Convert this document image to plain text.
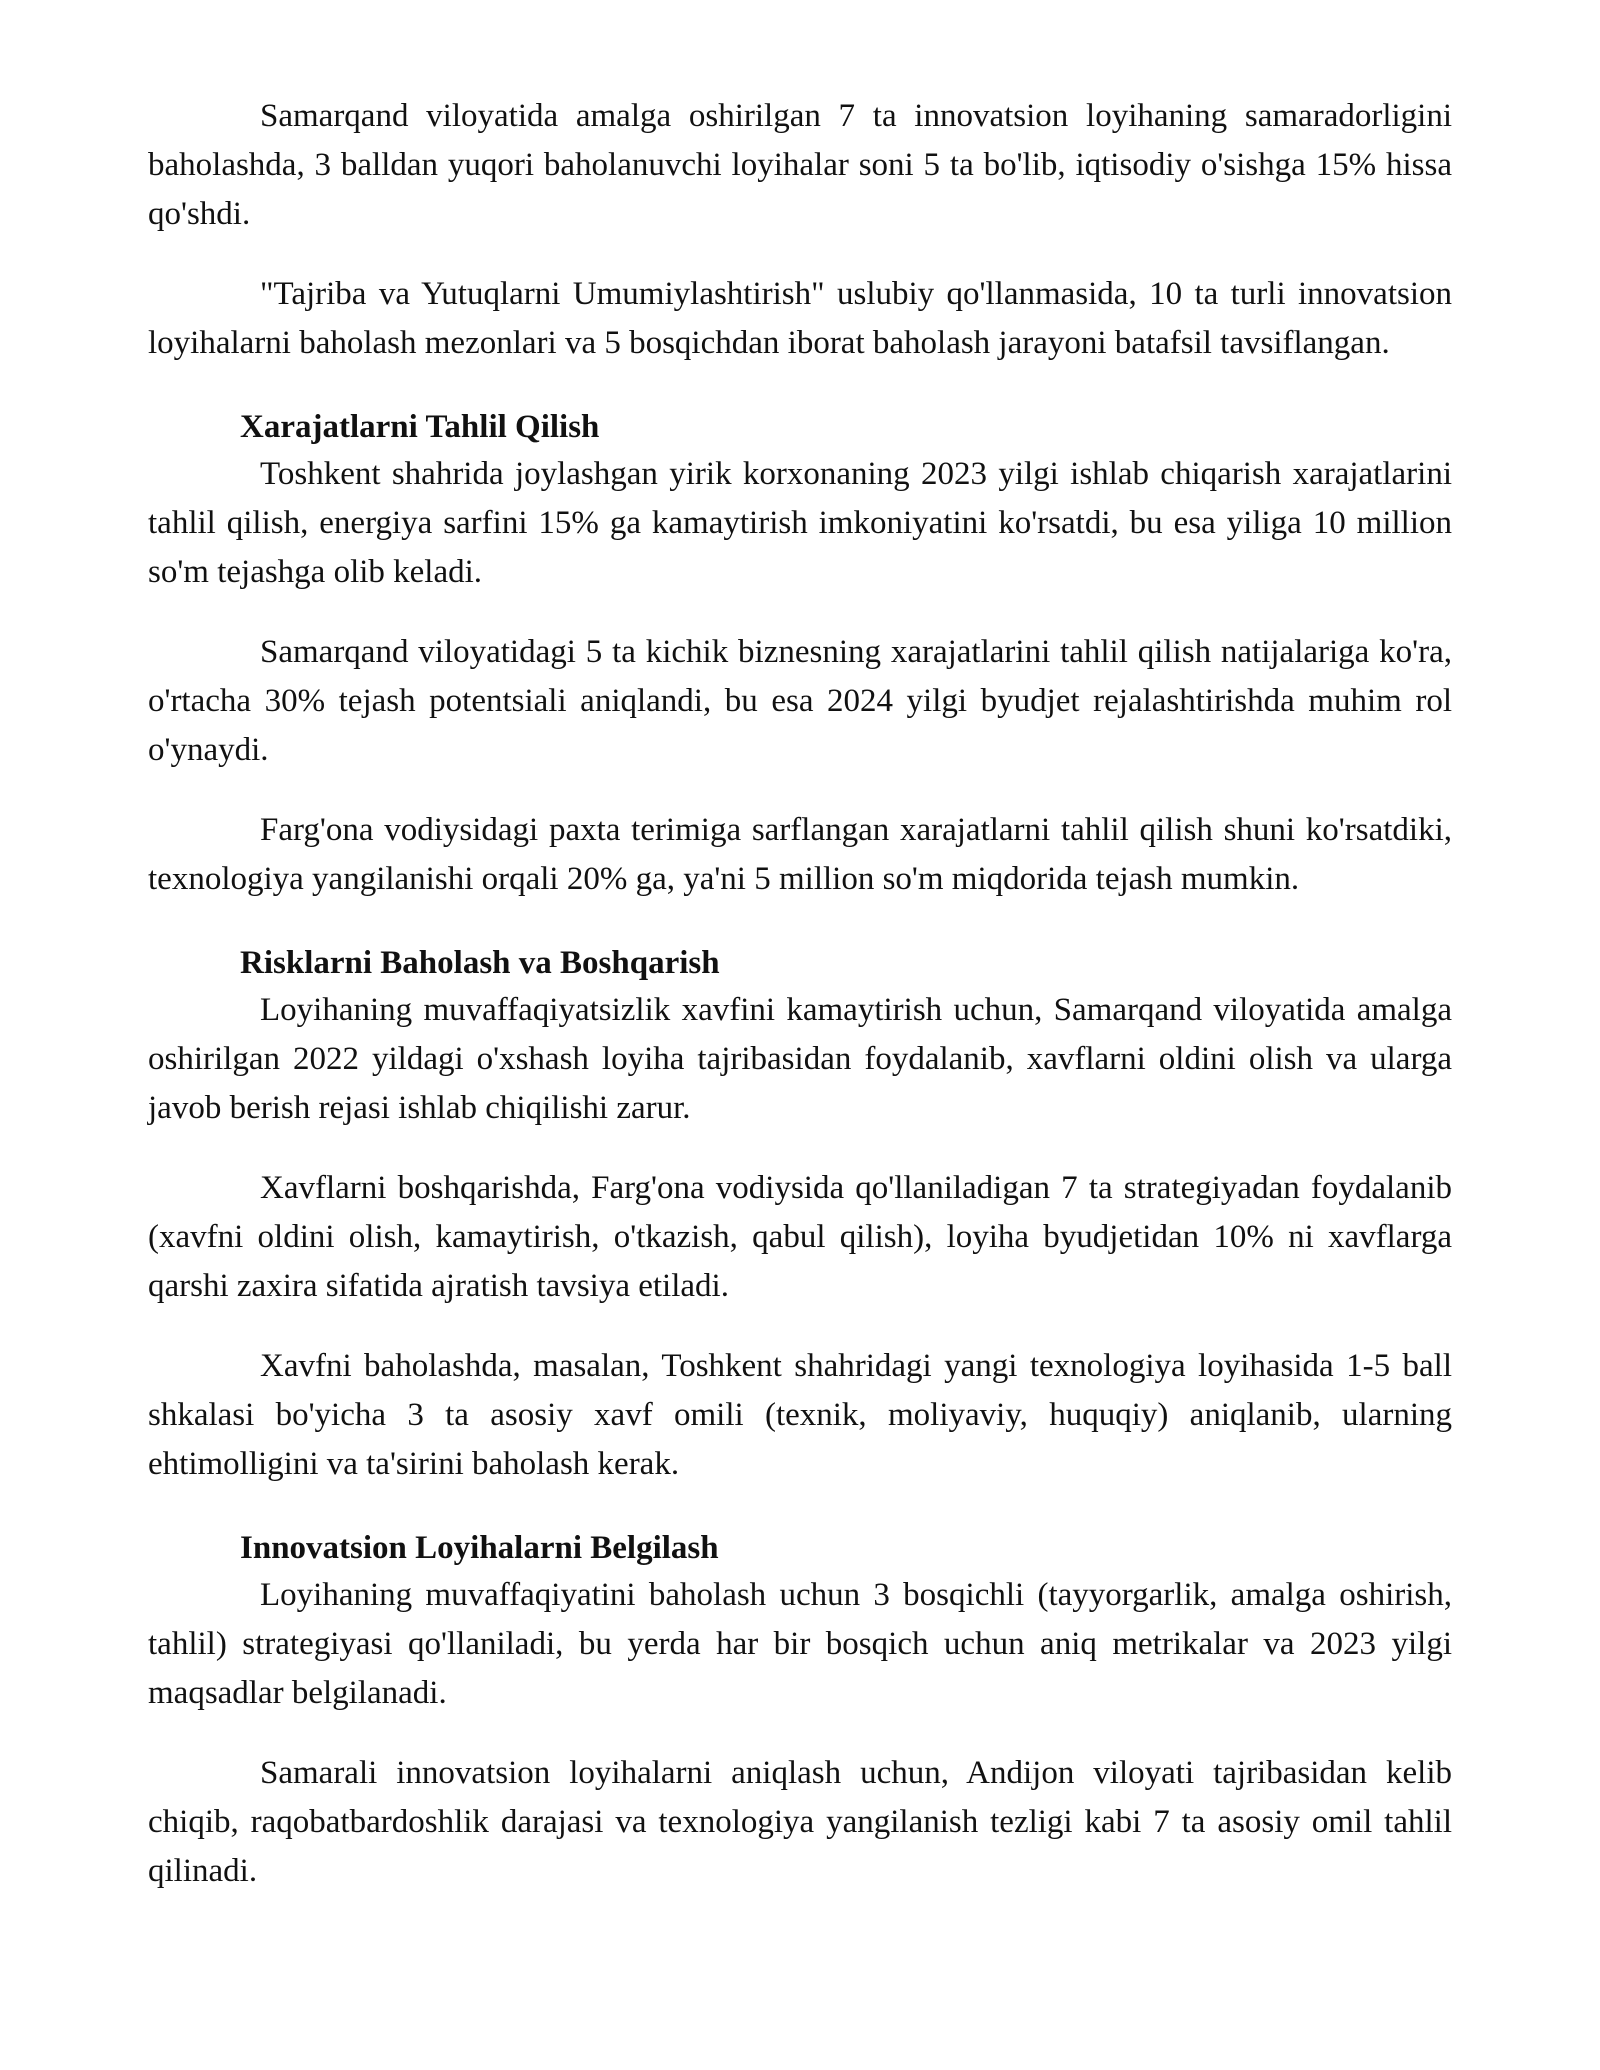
Samarqand viloyatida amalga oshirilgan 7 ta innovatsion loyihaning samaradorligini baholashda, 3 balldan yuqori baholanuvchi loyihalar soni 5 ta bo'lib, iqtisodiy o'sishga 15% hissa qo'shdi.

"Tajriba va Yutuqlarni Umumiylashtirish" uslubiy qo'llanmasida, 10 ta turli innovatsion loyihalarni baholash mezonlari va 5 bosqichdan iborat baholash jarayoni batafsil tavsiflangan.

Xarajatlarni Tahlil Qilish

Toshkent shahrida joylashgan yirik korxonaning 2023 yilgi ishlab chiqarish xarajatlarini tahlil qilish, energiya sarfini 15% ga kamaytirish imkoniyatini ko'rsatdi, bu esa yiliga 10 million so'm tejashga olib keladi.

Samarqand viloyatidagi 5 ta kichik biznesning xarajatlarini tahlil qilish natijalariga ko'ra, o'rtacha 30% tejash potentsiali aniqlandi, bu esa 2024 yilgi byudjet rejalashtirishda muhim rol o'ynaydi.

Farg'ona vodiysidagi paxta terimiga sarflangan xarajatlarni tahlil qilish shuni ko'rsatdiki, texnologiya yangilanishi orqali 20% ga, ya'ni 5 million so'm miqdorida tejash mumkin.

Risklarni Baholash va Boshqarish

Loyihaning muvaffaqiyatsizlik xavfini kamaytirish uchun, Samarqand viloyatida amalga oshirilgan 2022 yildagi o'xshash loyiha tajribasidan foydalanib, xavflarni oldini olish va ularga javob berish rejasi ishlab chiqilishi zarur.

Xavflarni boshqarishda, Farg'ona vodiysida qo'llaniladigan 7 ta strategiyadan foydalanib (xavfni oldini olish, kamaytirish, o'tkazish, qabul qilish), loyiha byudjetidan 10% ni xavflarga qarshi zaxira sifatida ajratish tavsiya etiladi.

Xavfni baholashda, masalan, Toshkent shahridagi yangi texnologiya loyihasida 1-5 ball shkalasi bo'yicha 3 ta asosiy xavf omili (texnik, moliyaviy, huquqiy) aniqlanib, ularning ehtimolligini va ta'sirini baholash kerak.

Innovatsion Loyihalarni Belgilash

Loyihaning muvaffaqiyatini baholash uchun 3 bosqichli (tayyorgarlik, amalga oshirish, tahlil) strategiyasi qo'llaniladi, bu yerda har bir bosqich uchun aniq metrikalar va 2023 yilgi maqsadlar belgilanadi.

Samarali innovatsion loyihalarni aniqlash uchun, Andijon viloyati tajribasidan kelib chiqib, raqobatbardoshlik darajasi va texnologiya yangilanish tezligi kabi 7 ta asosiy omil tahlil qilinadi.
